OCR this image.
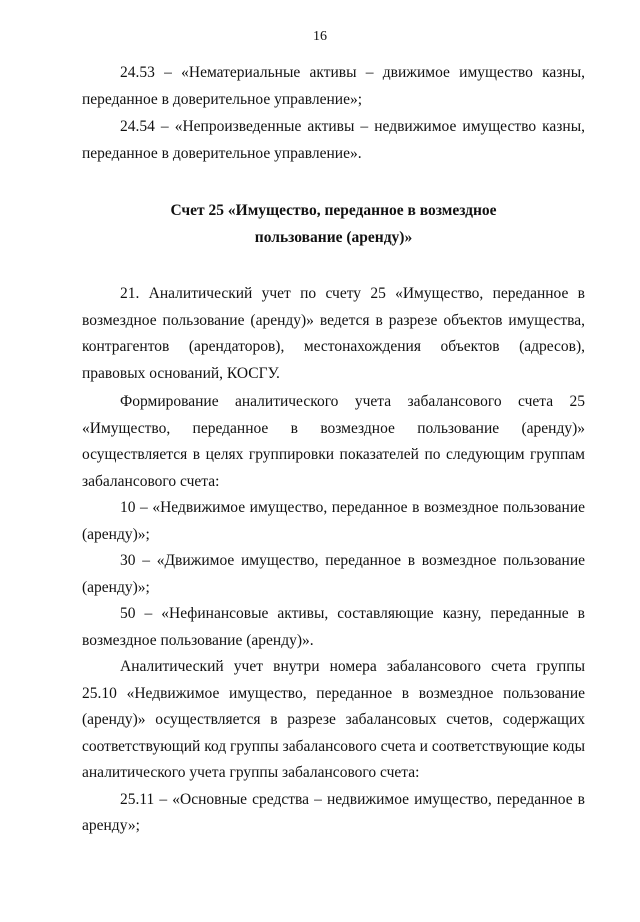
16

24.53 – «Нематериальные активы – движимое имущество казны, переданное в доверительное управление»;

24.54 – «Непроизведенные активы – недвижимое имущество казны, переданное в доверительное управление».

Счет 25 «Имущество, переданное в возмездное

пользование (аренду)»

21. Аналитический учет по счету 25 «Имущество, переданное в возмездное пользование (аренду)» ведется в разрезе объектов имущества, контрагентов (арендаторов), местонахождения объектов (адресов), правовых оснований, КОСГУ.

Формирование аналитического учета забалансового счета 25 «Имущество, переданное в возмездное пользование (аренду)» осуществляется в целях группировки показателей по следующим группам забалансового счета:

10 – «Недвижимое имущество, переданное в возмездное пользование (аренду)»;

30 – «Движимое имущество, переданное в возмездное пользование (аренду)»;

50 – «Нефинансовые активы, составляющие казну, переданные в возмездное пользование (аренду)».

Аналитический учет внутри номера забалансового счета группы 25.10 «Недвижимое имущество, переданное в возмездное пользование (аренду)» осуществляется в разрезе забалансовых счетов, содержащих соответствующий код группы забалансового счета и соответствующие коды аналитического учета группы забалансового счета:

25.11 – «Основные средства – недвижимое имущество, переданное в аренду»;
